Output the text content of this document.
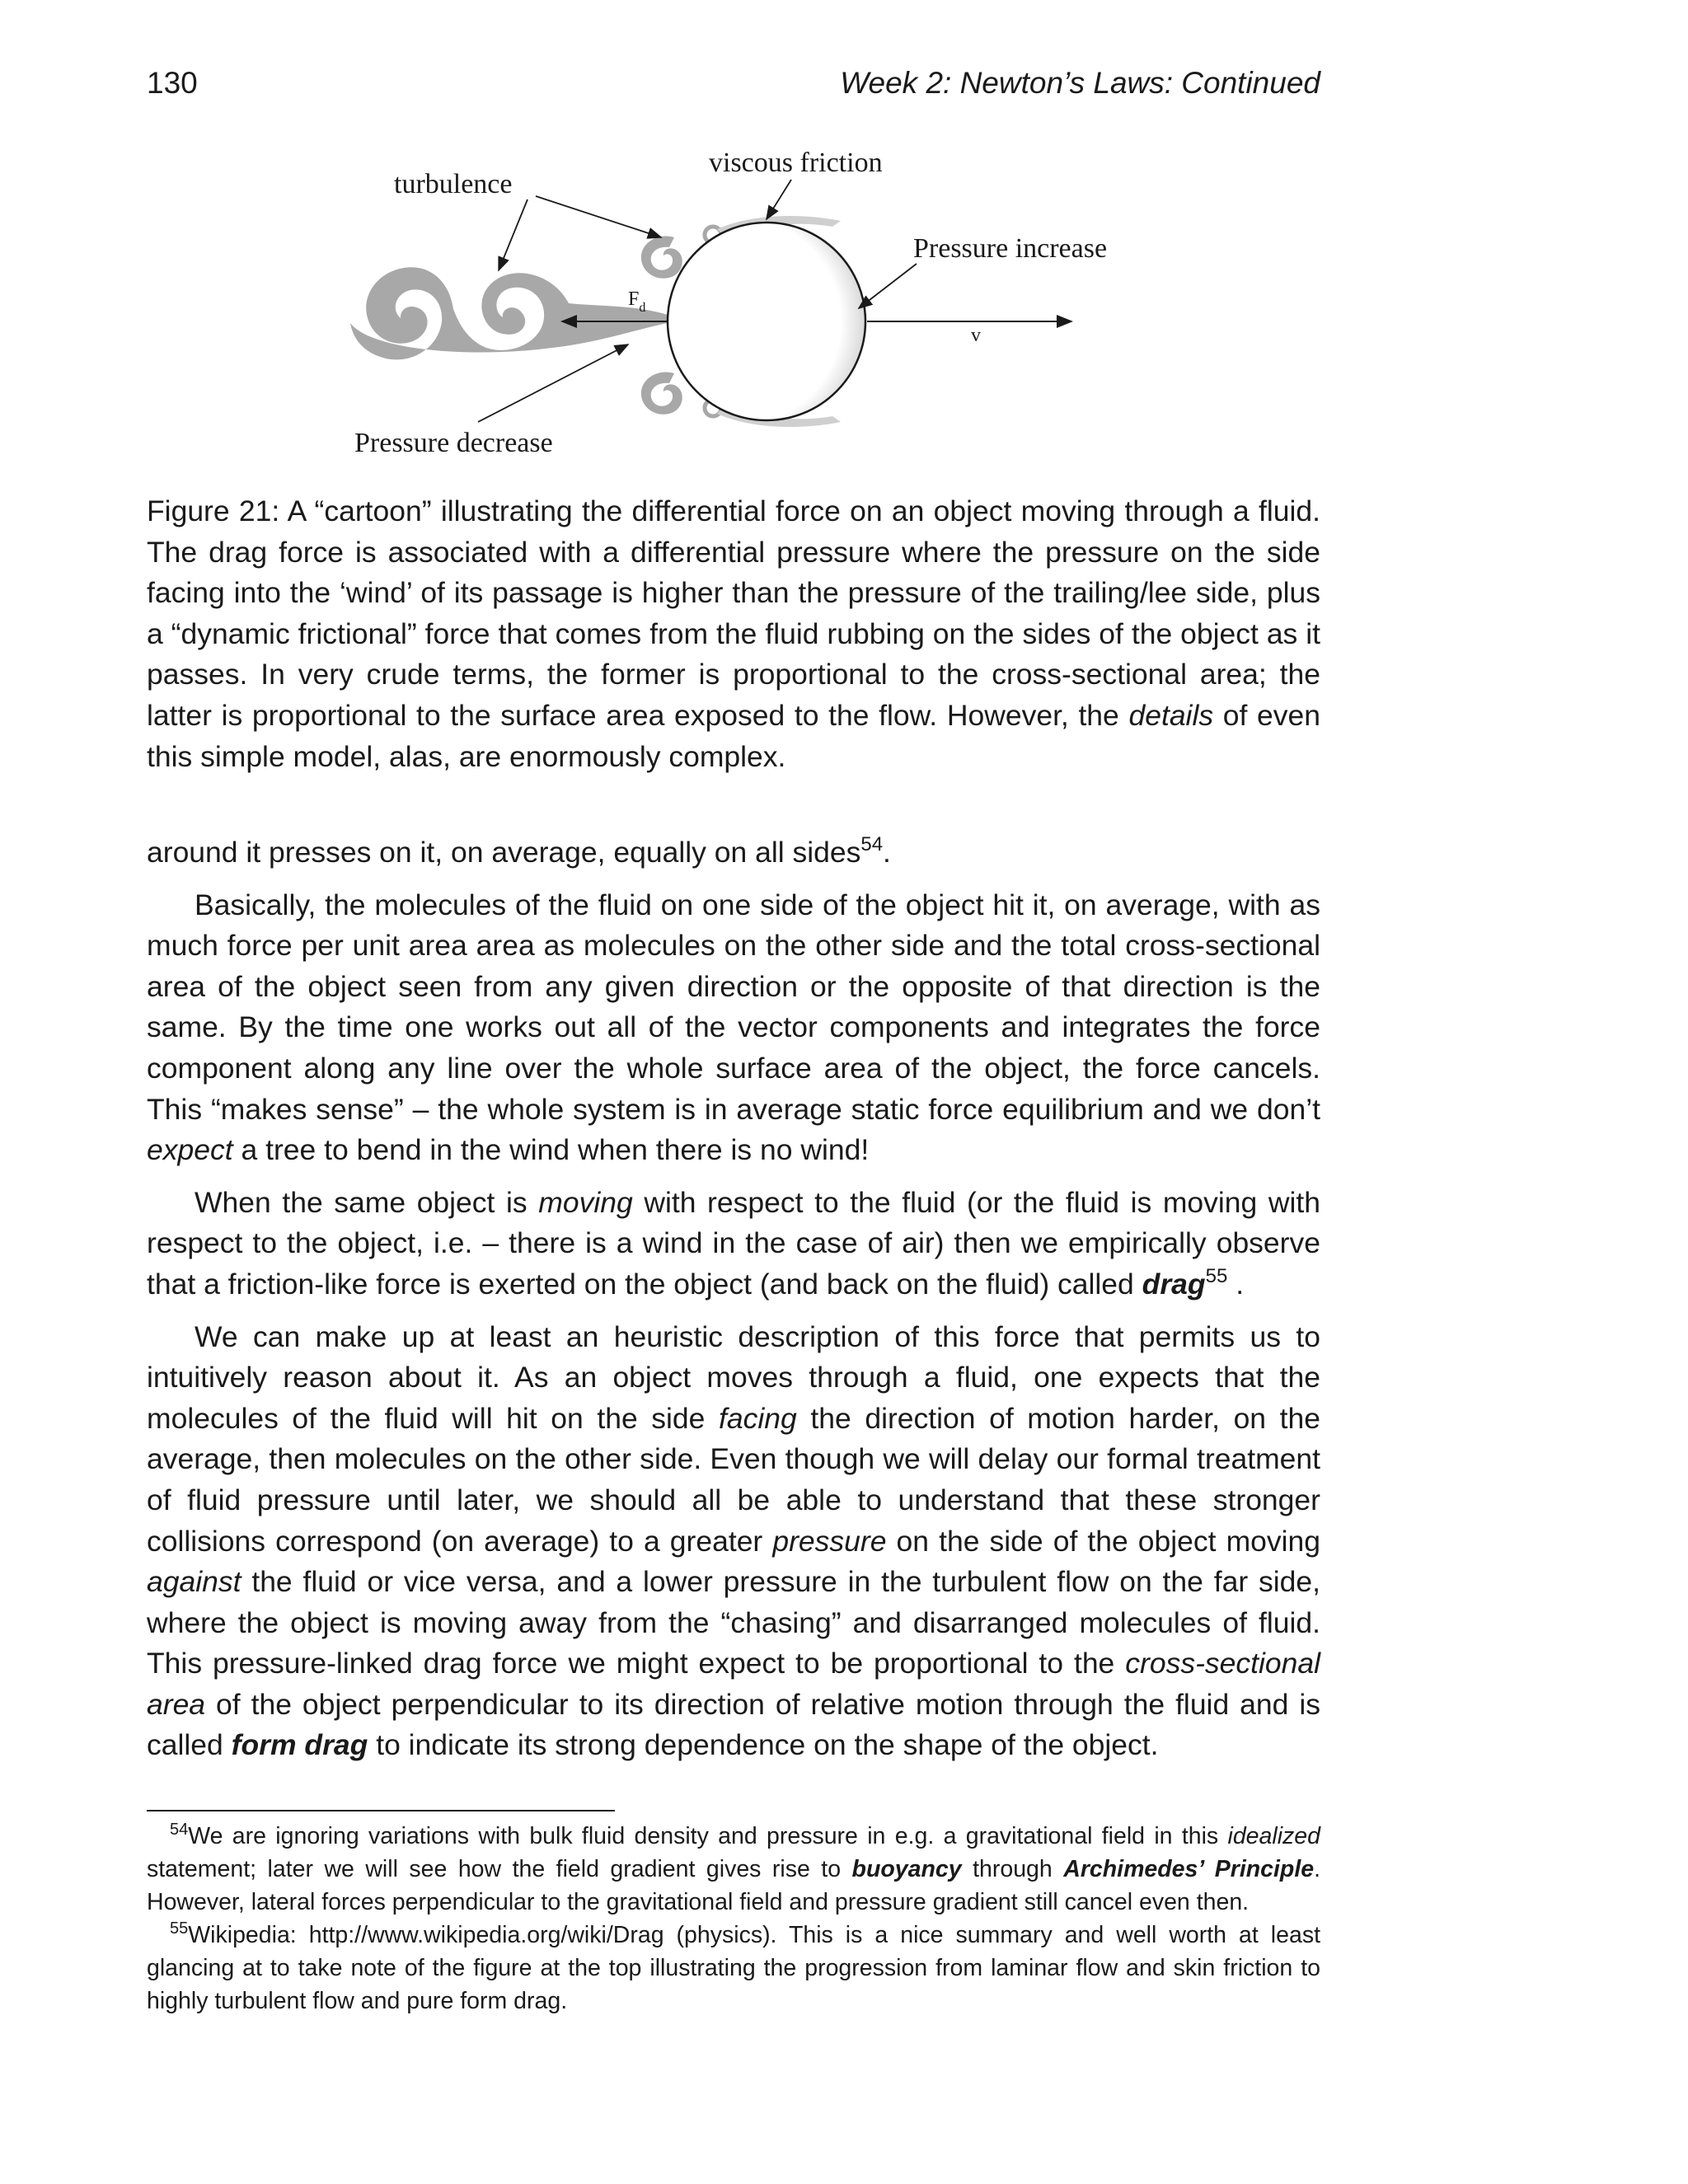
130	Week 2: Newton’s Laws: Continued
$F_d$
v
turbulence
viscous friction
Pressure increase
Pressure decrease
Figure 21: A “cartoon” illustrating the differential force on an object moving through a fluid. The drag force is associated with a differential pressure where the pressure on the side facing into the ‘wind’ of its passage is higher than the pressure of the trailing/lee side, plus a “dynamic frictional” force that comes from the fluid rubbing on the sides of the object as it passes. In very crude terms, the former is proportional to the cross-sectional area; the latter is proportional to the surface area exposed to the flow. However, the details of even this simple model, alas, are enormously complex.

around it presses on it, on average, equally on all sides$^{54}$.

Basically, the molecules of the fluid on one side of the object hit it, on average, with as much force per unit area area as molecules on the other side and the total cross-sectional area of the object seen from any given direction or the opposite of that direction is the same. By the time one works out all of the vector components and integrates the force component along any line over the whole surface area of the object, the force cancels. This “makes sense” – the whole system is in average static force equilibrium and we don’t expect a tree to bend in the wind when there is no wind!

When the same object is moving with respect to the fluid (or the fluid is moving with respect to the object, i.e. – there is a wind in the case of air) then we empirically observe that a friction-like force is exerted on the object (and back on the fluid) called drag$^{55}$ .

We can make up at least an heuristic description of this force that permits us to intuitively reason about it. As an object moves through a fluid, one expects that the molecules of the fluid will hit on the side facing the direction of motion harder, on the average, then molecules on the other side. Even though we will delay our formal treatment of fluid pressure until later, we should all be able to understand that these stronger collisions correspond (on average) to a greater pressure on the side of the object moving against the fluid or vice versa, and a lower pressure in the turbulent flow on the far side, where the object is moving away from the “chasing” and disarranged molecules of fluid. This pressure-linked drag force we might expect to be proportional to the cross-sectional area of the object perpendicular to its direction of relative motion through the fluid and is called form drag to indicate its strong dependence on the shape of the object.

$^{54}$We are ignoring variations with bulk fluid density and pressure in e.g. a gravitational field in this idealized statement; later we will see how the field gradient gives rise to buoyancy through Archimedes’ Principle. However, lateral forces perpendicular to the gravitational field and pressure gradient still cancel even then.

$^{55}$Wikipedia: http://www.wikipedia.org/wiki/Drag (physics). This is a nice summary and well worth at least glancing at to take note of the figure at the top illustrating the progression from laminar flow and skin friction to highly turbulent flow and pure form drag.
